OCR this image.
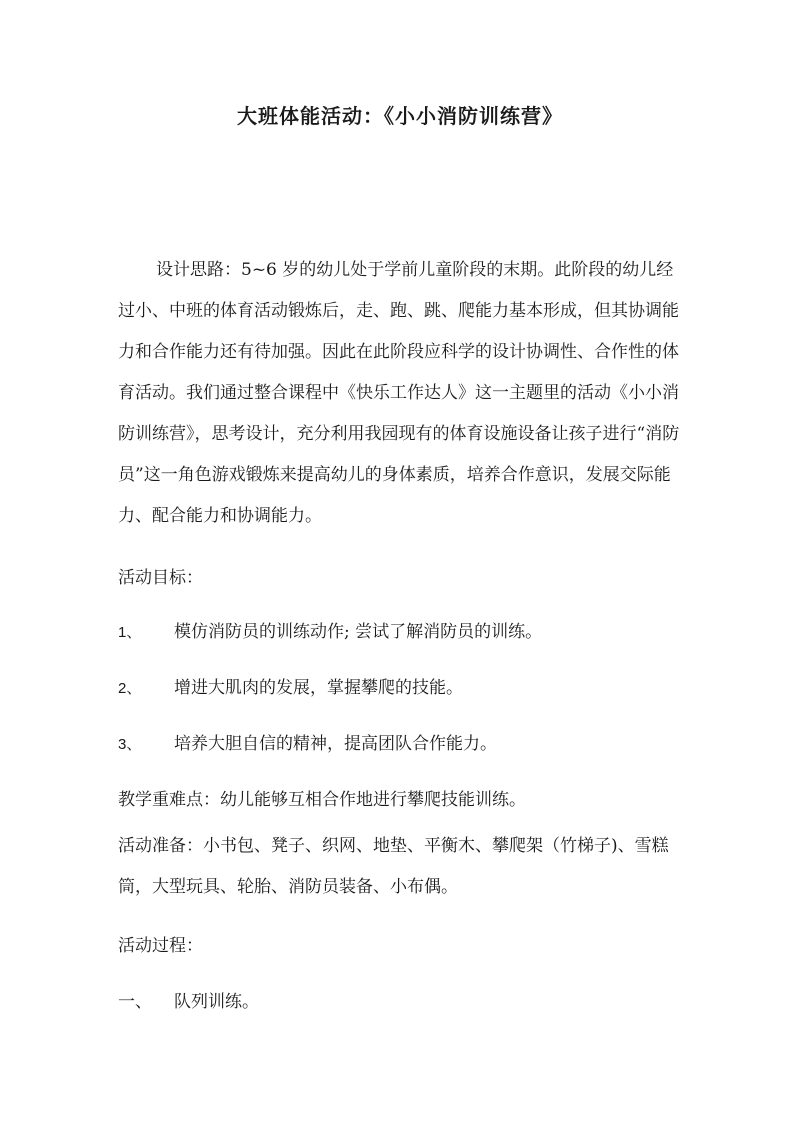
大班体能活动：《小小消防训练营》

设计思路：5~6 岁的幼儿处于学前儿童阶段的末期。此阶段的幼儿经过小、中班的体育活动锻炼后，走、跑、跳、爬能力基本形成，但其协调能力和合作能力还有待加强。因此在此阶段应科学的设计协调性、合作性的体育活动。我们通过整合课程中《快乐工作达人》这一主题里的活动《小小消防训练营》，思考设计，充分利用我园现有的体育设施设备让孩子进行“消防员”这一角色游戏锻炼来提高幼儿的身体素质，培养合作意识，发展交际能力、配合能力和协调能力。

活动目标：
1、 模仿消防员的训练动作; 尝试了解消防员的训练。
2、 增进大肌肉的发展，掌握攀爬的技能。
3、 培养大胆自信的精神，提高团队合作能力。
教学重难点：幼儿能够互相合作地进行攀爬技能训练。

活动准备：小书包、凳子、织网、地垫、平衡木、攀爬架（竹梯子)、雪糕筒，大型玩具、轮胎、消防员装备、小布偶。

活动过程：
一、 队列训练。
